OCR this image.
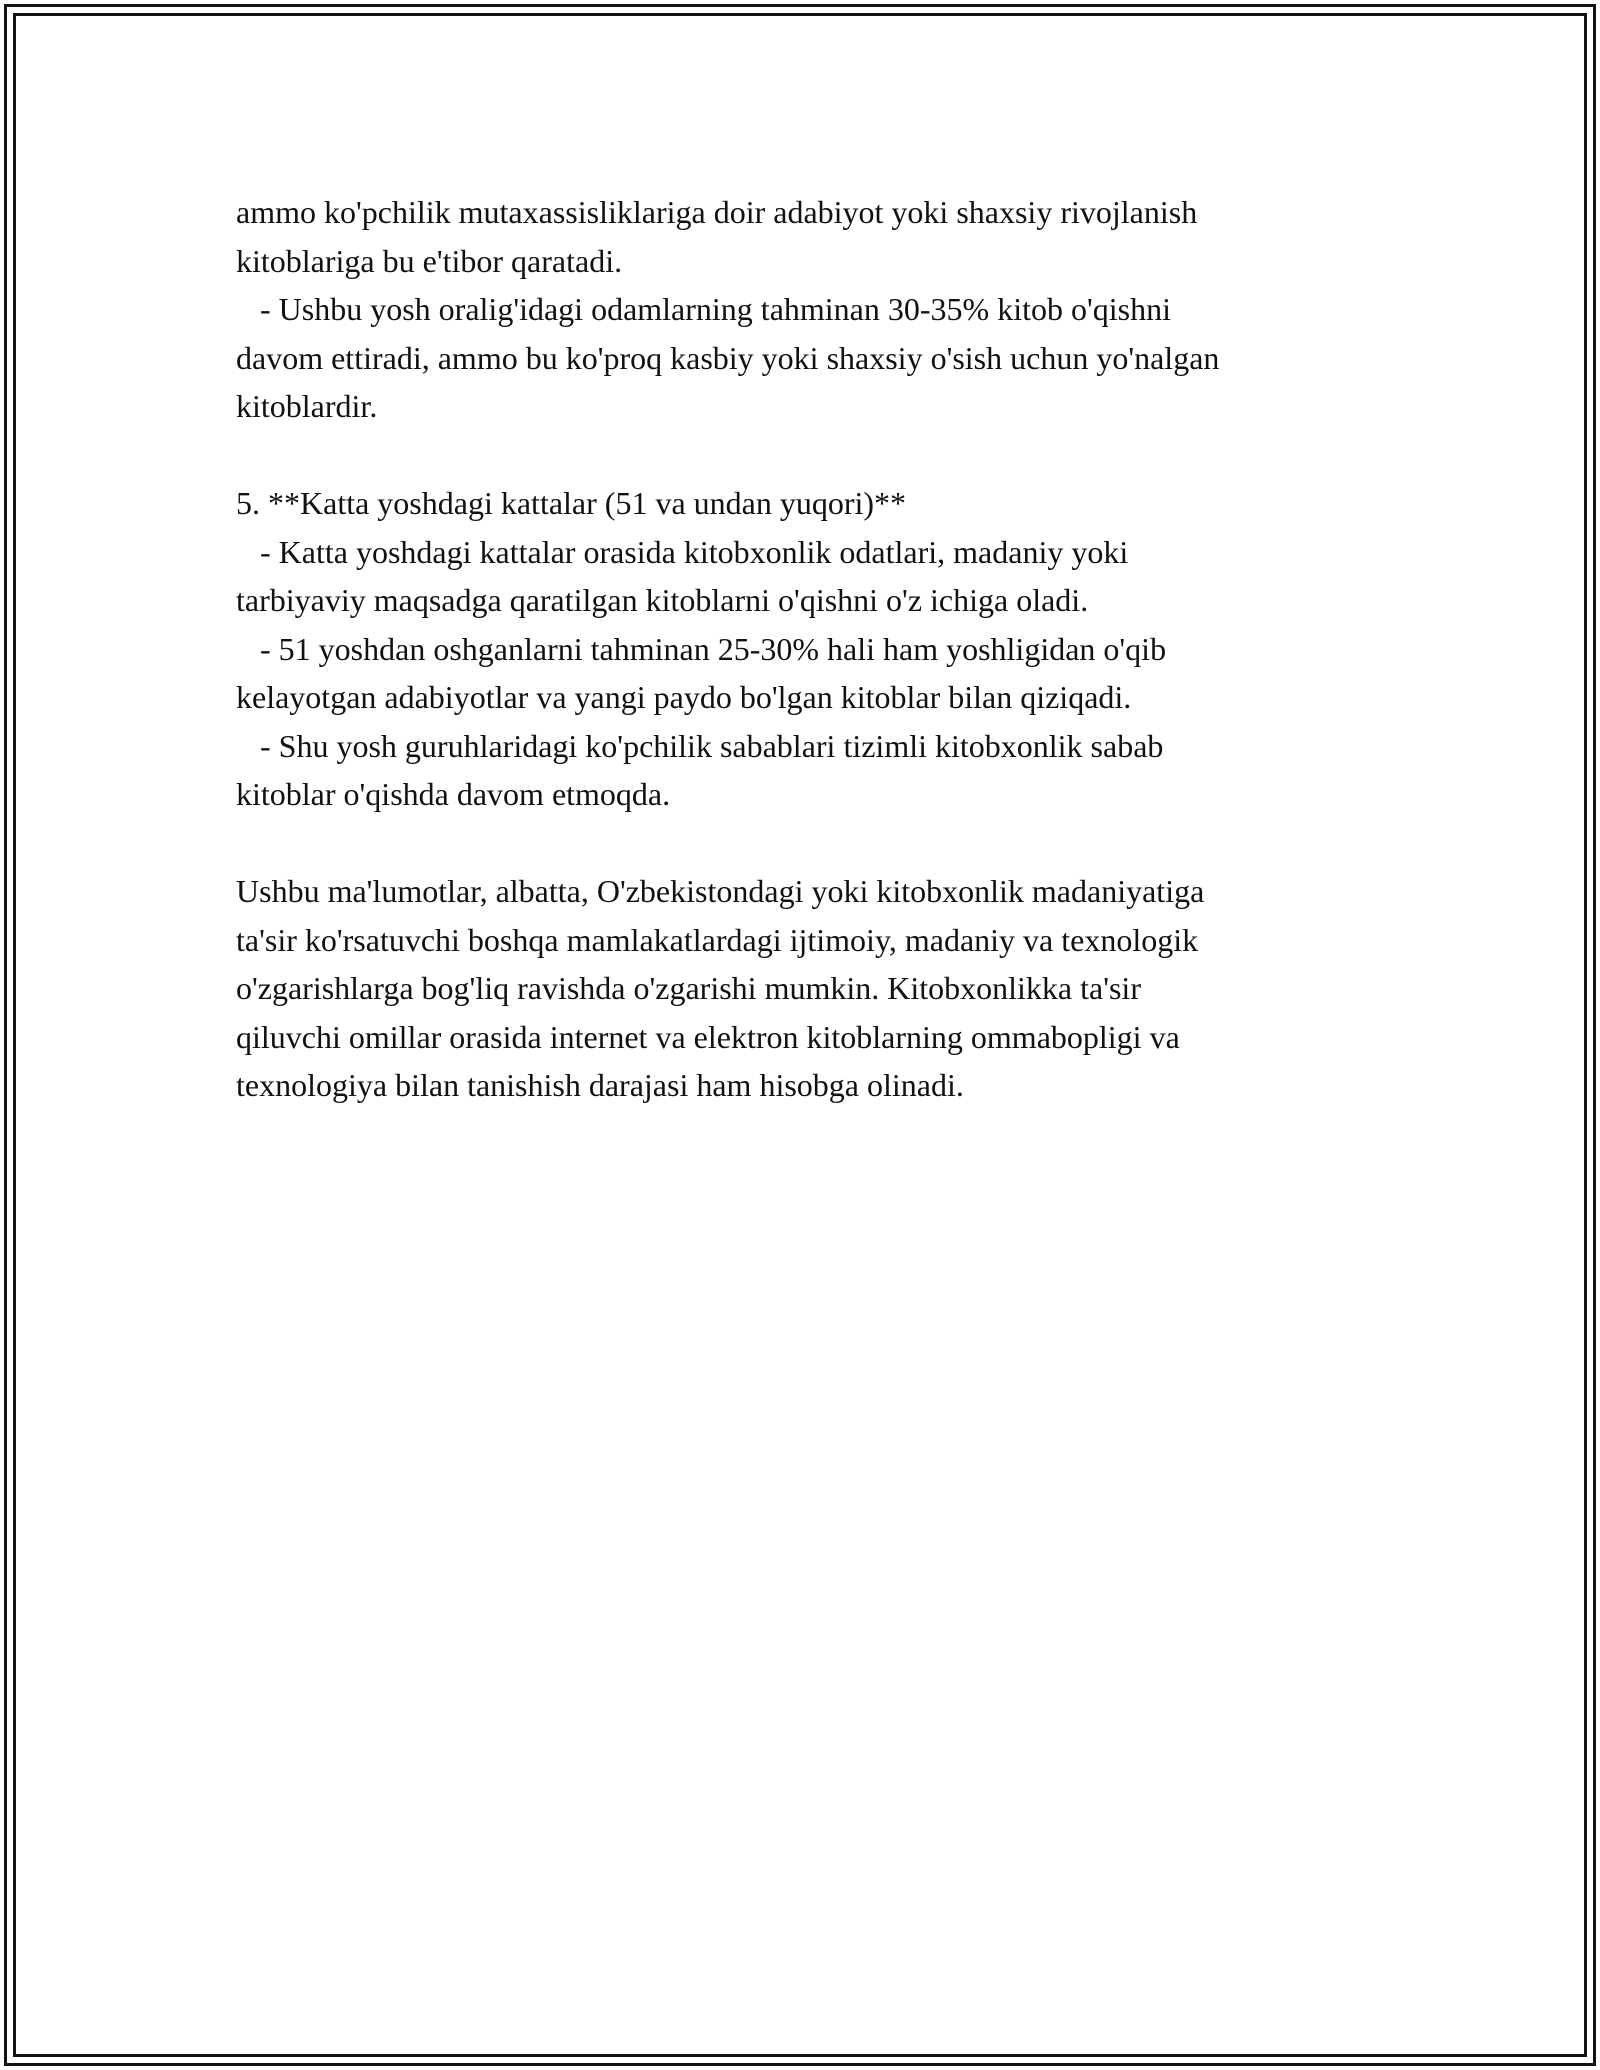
ammo ko'pchilik mutaxassisliklariga doir adabiyot yoki shaxsiy rivojlanish
kitoblariga bu e'tibor qaratadi.
- Ushbu yosh oralig'idagi odamlarning tahminan 30-35% kitob o'qishni
davom ettiradi, ammo bu ko'proq kasbiy yoki shaxsiy o'sish uchun yo'nalgan
kitoblardir.
5. **Katta yoshdagi kattalar (51 va undan yuqori)**
- Katta yoshdagi kattalar orasida kitobxonlik odatlari, madaniy yoki
tarbiyaviy maqsadga qaratilgan kitoblarni o'qishni o'z ichiga oladi.
- 51 yoshdan oshganlarni tahminan 25-30% hali ham yoshligidan o'qib
kelayotgan adabiyotlar va yangi paydo bo'lgan kitoblar bilan qiziqadi.
- Shu yosh guruhlaridagi ko'pchilik sabablari tizimli kitobxonlik sabab
kitoblar o'qishda davom etmoqda.
Ushbu ma'lumotlar, albatta, O'zbekistondagi yoki kitobxonlik madaniyatiga
ta'sir ko'rsatuvchi boshqa mamlakatlardagi ijtimoiy, madaniy va texnologik
o'zgarishlarga bog'liq ravishda o'zgarishi mumkin. Kitobxonlikka ta'sir
qiluvchi omillar orasida internet va elektron kitoblarning ommabopligi va
texnologiya bilan tanishish darajasi ham hisobga olinadi.
